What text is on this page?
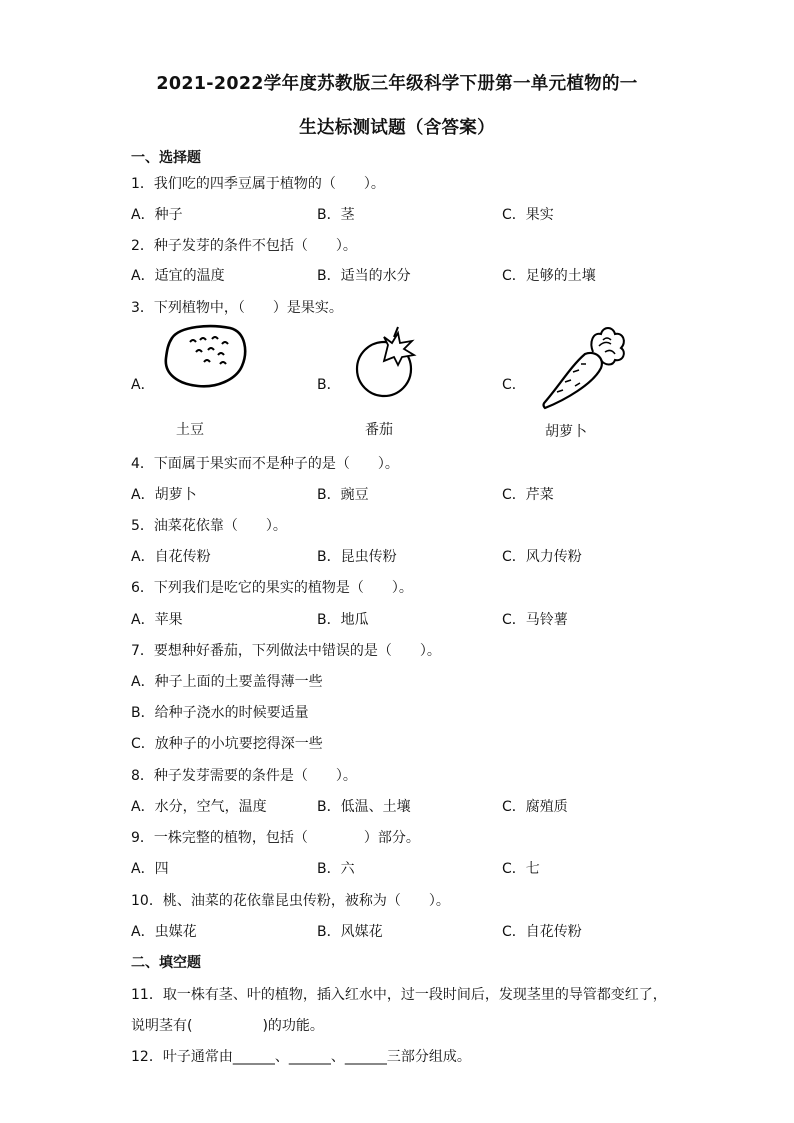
2021-2022学年度苏教版三年级科学下册第一单元植物的一
生达标测试题（含答案）
一、选择题
1．我们吃的四季豆属于植物的（　　）。
A．种子	B．茎	C．果实
2．种子发芽的条件不包括（　　）。
A．适宜的温度	B．适当的水分	C．足够的土壤
3．下列植物中，（　　）是果实。
A．	B．	C．
土豆	番茄	胡萝卜
4．下面属于果实而不是种子的是（　　）。
A．胡萝卜	B．豌豆	C．芹菜
5．油菜花依靠（　　）。
A．自花传粉	B．昆虫传粉	C．风力传粉
6．下列我们是吃它的果实的植物是（　　）。
A．苹果	B．地瓜	C．马铃薯
7．要想种好番茄，下列做法中错误的是（　　）。
A．种子上面的土要盖得薄一些
B．给种子浇水的时候要适量
C．放种子的小坑要挖得深一些
8．种子发芽需要的条件是（　　）。
A．水分，空气，温度	B．低温、土壤	C．腐殖质
9．一株完整的植物，包括（　　　　）部分。
A．四	B．六	C．七
10．桃、油菜的花依靠昆虫传粉，被称为（　　）。
A．虫媒花	B．风媒花	C．自花传粉
二、填空题
11．取一株有茎、叶的植物，插入红水中，过一段时间后，发现茎里的导管都变红了，
说明茎有(　　　　　)的功能。
12．叶子通常由______、______、______三部分组成。
